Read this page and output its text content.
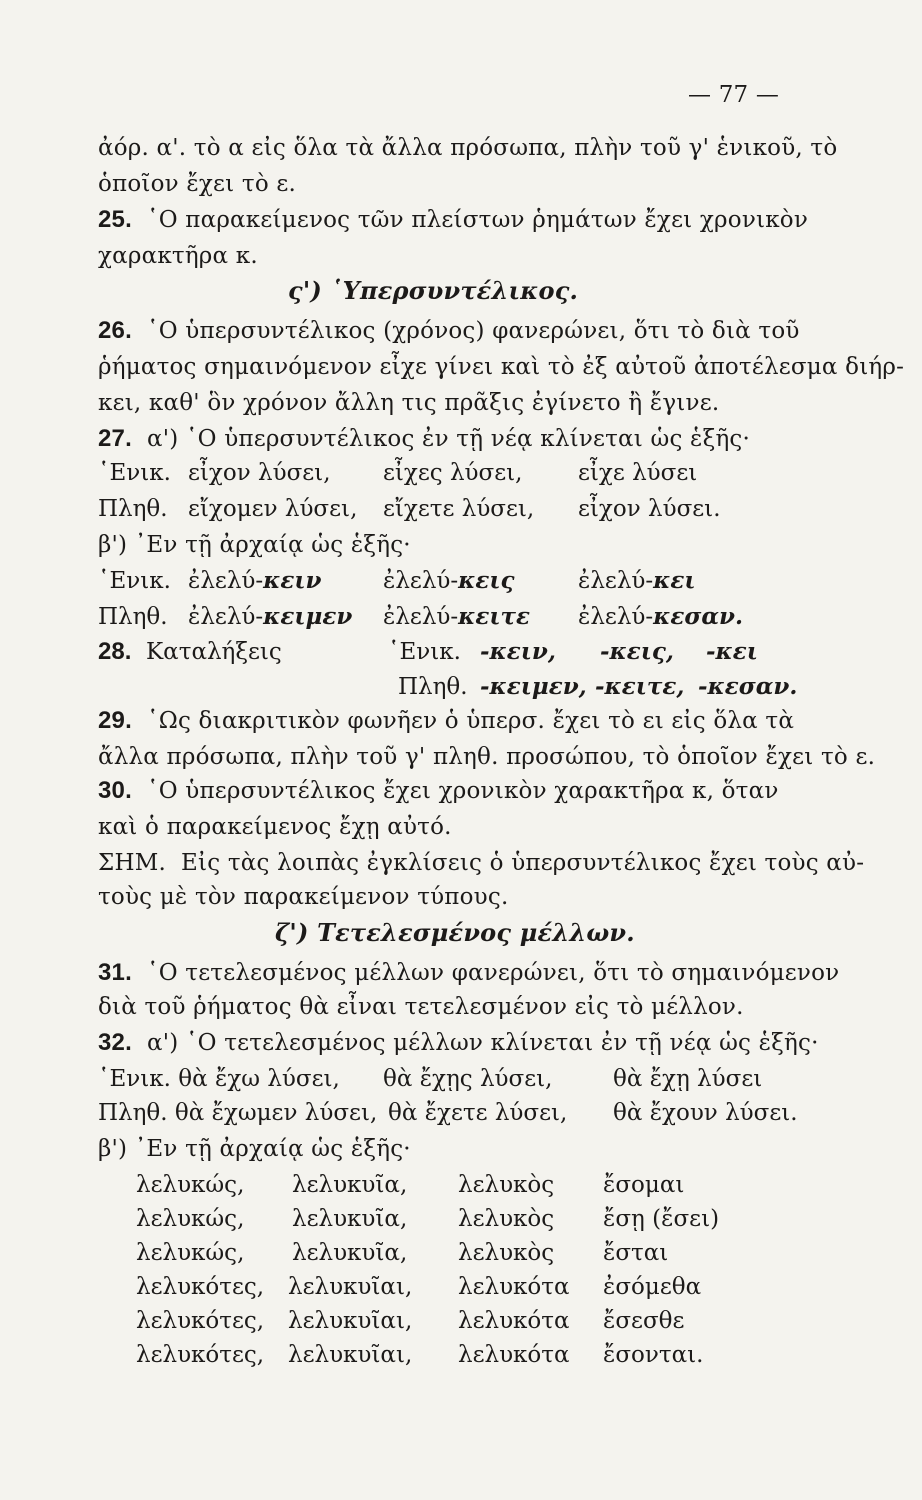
— 77 —
ἀόρ. α'. τὸ α εἰς ὅλα τὰ ἄλλα πρόσωπα, πλὴν τοῦ γ' ἑνικοῦ, τὸ
ὁποῖον ἔχει τὸ ε.
25. ῾Ο παρακείμενος τῶν πλείστων ῥημάτων ἔχει χρονικὸν
χαρακτῆρα κ.
ς') ῾Υπερσυντέλικος.
26. ῾Ο ὑπερσυντέλικος (χρόνος) φανερώνει, ὅτι τὸ διὰ τοῦ
ῥήματος σημαινόμενον εἶχε γίνει καὶ τὸ ἐξ αὐτοῦ ἀποτέλεσμα διήρ-
κει, καθ' ὃν χρόνον ἄλλη τις πρᾶξις ἐγίνετο ἢ ἔγινε.
27. α') ῾Ο ὑπερσυντέλικος ἐν τῇ νέᾳ κλίνεται ὡς ἑξῆς·
῾Ενικ. εἶχον λύσει, εἶχες λύσει, εἶχε λύσει
Πληθ. εἴχομεν λύσει, εἴχετε λύσει, εἶχον λύσει.
β') ᾿Εν τῇ ἀρχαίᾳ ὡς ἑξῆς·
῾Ενικ. ἐλελύ-κειν	ἐλελύ-κεις	ἐλελύ-κει
Πληθ. ἐλελύ-κειμεν ἐλελύ-κειτε ἐλελύ-κεσαν.
28. Καταλήξεις	῾Ενικ. -κειν, -κεις, -κει
Πληθ. -κειμεν, -κειτε, -κεσαν.
29. ῾Ως διακριτικὸν φωνῆεν ὁ ὑπερσ. ἔχει τὸ ει εἰς ὅλα τὰ
ἄλλα πρόσωπα, πλὴν τοῦ γ' πληθ. προσώπου, τὸ ὁποῖον ἔχει τὸ ε.
30. ῾Ο ὑπερσυντέλικος ἔχει χρονικὸν χαρακτῆρα κ, ὅταν
καὶ ὁ παρακείμενος ἔχῃ αὐτό.
ΣΗΜ. Εἰς τὰς λοιπὰς ἐγκλίσεις ὁ ὑπερσυντέλικος ἔχει τοὺς αὐ-
τοὺς μὲ τὸν παρακείμενον τύπους.
ζ') Τετελεσμένος μέλλων.
31. ῾Ο τετελεσμένος μέλλων φανερώνει, ὅτι τὸ σημαινόμενον
διὰ τοῦ ῥήματος θὰ εἶναι τετελεσμένον εἰς τὸ μέλλον.
32. α') ῾Ο τετελεσμένος μέλλων κλίνεται ἐν τῇ νέᾳ ὡς ἑξῆς·
῾Ενικ. θὰ ἔχω λύσει, θὰ ἔχῃς λύσει,	θὰ ἔχῃ λύσει
Πληθ. θὰ ἔχωμεν λύσει, θὰ ἔχετε λύσει, θὰ ἔχουν λύσει.
β') ᾿Εν τῇ ἀρχαίᾳ ὡς ἑξῆς·
λελυκώς, λελυκυῖα, λελυκὸς ἔσομαι
λελυκώς, λελυκυῖα, λελυκὸς ἔσῃ (ἔσει)
λελυκώς, λελυκυῖα, λελυκὸς ἔσται
λελυκότες, λελυκυῖαι, λελυκότα ἐσόμεθα
λελυκότες, λελυκυῖαι, λελυκότα ἔσεσθε
λελυκότες, λελυκυῖαι, λελυκότα ἔσονται.
